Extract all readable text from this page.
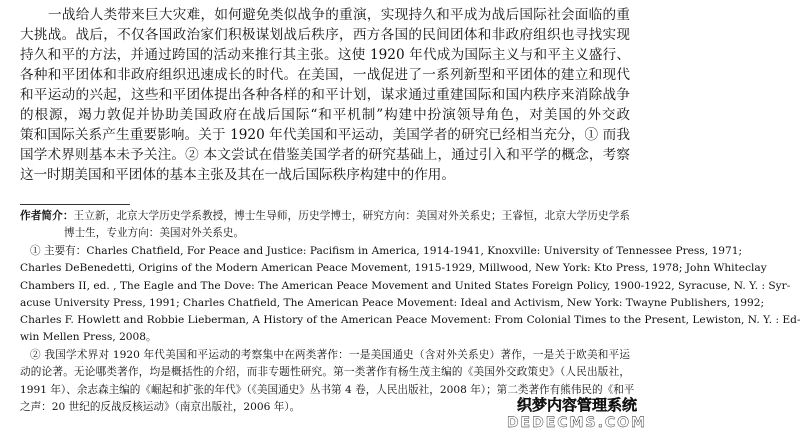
一战给人类带来巨大灾难，如何避免类似战争的重演，实现持久和平成为战后国际社会面临的重
大挑战。战后，不仅各国政治家们积极谋划战后秩序，西方各国的民间团体和非政府组织也寻找实现
持久和平的方法，并通过跨国的活动来推行其主张。这使 1920 年代成为国际主义与和平主义盛行、
各种和平团体和非政府组织迅速成长的时代。在美国，一战促进了一系列新型和平团体的建立和现代
和平运动的兴起，这些和平团体提出各种各样的和平计划，谋求通过重建国际和国内秩序来消除战争
的根源，竭力敦促并协助美国政府在战后国际“和平机制”构建中扮演领导角色，对美国的外交政
策和国际关系产生重要影响。关于 1920 年代美国和平运动，美国学者的研究已经相当充分，① 而我
国学术界则基本未予关注。② 本文尝试在借鉴美国学者的研究基础上，通过引入和平学的概念，考察
这一时期美国和平团体的基本主张及其在一战后国际秩序构建中的作用。
作者简介：王立新，北京大学历史学系教授，博士生导师，历史学博士，研究方向：美国对外关系史；王睿恒，北京大学历史学系
博士生，专业方向：美国对外关系史。
① 主要有：Charles Chatfield, For Peace and Justice: Pacifism in America, 1914-1941, Knoxville: University of Tennessee Press, 1971;
Charles DeBenedetti, Origins of the Modern American Peace Movement, 1915-1929, Millwood, New York: Kto Press, 1978; John Whiteclay
Chambers II, ed. , The Eagle and The Dove: The American Peace Movement and United States Foreign Policy, 1900-1922, Syracuse, N. Y. : Syr-
acuse University Press, 1991; Charles Chatfield, The American Peace Movement: Ideal and Activism, New York: Twayne Publishers, 1992;
Charles F. Howlett and Robbie Lieberman, A History of the American Peace Movement: From Colonial Times to the Present, Lewiston, N. Y. : Ed-
win Mellen Press, 2008。
② 我国学术界对 1920 年代美国和平运动的考察集中在两类著作：一是美国通史（含对外关系史）著作，一是关于欧美和平运
动的论著。无论哪类著作，均是概括性的介绍，而非专题性研究。第一类著作有杨生茂主编的《美国外交政策史》（人民出版社，
1991 年）、余志森主编的《崛起和扩张的年代》（《美国通史》丛书第 4 卷，人民出版社，2008 年）；第二类著作有熊伟民的《和平
之声：20 世纪的反战反核运动》（南京出版社，2006 年）。	织梦内容管理系统
DEDECMS.COM
